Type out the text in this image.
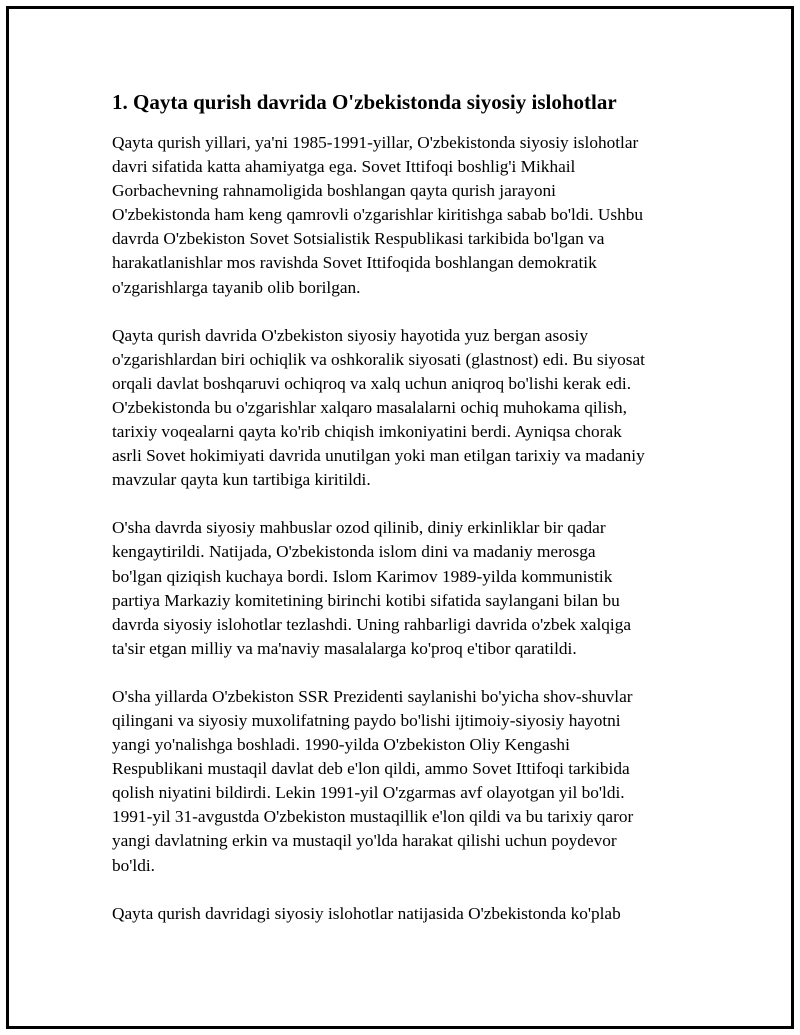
1. Qayta qurish davrida O'zbekistonda siyosiy islohotlar

Qayta qurish yillari, ya'ni 1985-1991-yillar, O'zbekistonda siyosiy islohotlar
davri sifatida katta ahamiyatga ega. Sovet Ittifoqi boshlig'i Mikhail
Gorbachevning rahnamoligida boshlangan qayta qurish jarayoni
O'zbekistonda ham keng qamrovli o'zgarishlar kiritishga sabab bo'ldi. Ushbu
davrda O'zbekiston Sovet Sotsialistik Respublikasi tarkibida bo'lgan va
harakatlanishlar mos ravishda Sovet Ittifoqida boshlangan demokratik
o'zgarishlarga tayanib olib borilgan.

Qayta qurish davrida O'zbekiston siyosiy hayotida yuz bergan asosiy
o'zgarishlardan biri ochiqlik va oshkoralik siyosati (glastnost) edi. Bu siyosat
orqali davlat boshqaruvi ochiqroq va xalq uchun aniqroq bo'lishi kerak edi.
O'zbekistonda bu o'zgarishlar xalqaro masalalarni ochiq muhokama qilish,
tarixiy voqealarni qayta ko'rib chiqish imkoniyatini berdi. Ayniqsa chorak
asrli Sovet hokimiyati davrida unutilgan yoki man etilgan tarixiy va madaniy
mavzular qayta kun tartibiga kiritildi.

O'sha davrda siyosiy mahbuslar ozod qilinib, diniy erkinliklar bir qadar
kengaytirildi. Natijada, O'zbekistonda islom dini va madaniy merosga
bo'lgan qiziqish kuchaya bordi. Islom Karimov 1989-yilda kommunistik
partiya Markaziy komitetining birinchi kotibi sifatida saylangani bilan bu
davrda siyosiy islohotlar tezlashdi. Uning rahbarligi davrida o'zbek xalqiga
ta'sir etgan milliy va ma'naviy masalalarga ko'proq e'tibor qaratildi.

O'sha yillarda O'zbekiston SSR Prezidenti saylanishi bo'yicha shov-shuvlar
qilingani va siyosiy muxolifatning paydo bo'lishi ijtimoiy-siyosiy hayotni
yangi yo'nalishga boshladi. 1990-yilda O'zbekiston Oliy Kengashi
Respublikani mustaqil davlat deb e'lon qildi, ammo Sovet Ittifoqi tarkibida
qolish niyatini bildirdi. Lekin 1991-yil O'zgarmas avf olayotgan yil bo'ldi.
1991-yil 31-avgustda O'zbekiston mustaqillik e'lon qildi va bu tarixiy qaror
yangi davlatning erkin va mustaqil yo'lda harakat qilishi uchun poydevor
bo'ldi.

Qayta qurish davridagi siyosiy islohotlar natijasida O'zbekistonda ko'plab
